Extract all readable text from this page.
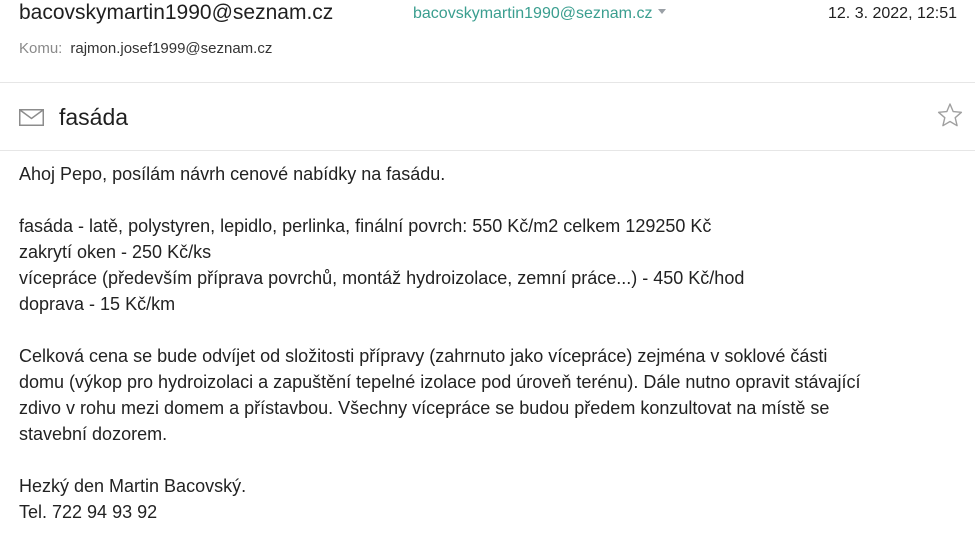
bacovskymartin1990@seznam.cz	bacovskymartin1990@seznam.cz	12. 3. 2022, 12:51
Komu: rajmon.josef1999@seznam.cz
fasáda

Ahoj Pepo, posílám návrh cenové nabídky na fasádu.

fasáda - latě, polystyren, lepidlo, perlinka, finální povrch: 550 Kč/m2 celkem 129250 Kč

zakrytí oken - 250 Kč/ks

vícepráce (především příprava povrchů, montáž hydroizolace, zemní práce...) - 450 Kč/hod

doprava - 15 Kč/km

Celková cena se bude odvíjet od složitosti přípravy (zahrnuto jako vícepráce) zejména v soklové části

domu (výkop pro hydroizolaci a zapuštění tepelné izolace pod úroveň terénu). Dále nutno opravit stávající

zdivo v rohu mezi domem a přístavbou. Všechny vícepráce se budou předem konzultovat na místě se

stavební dozorem.

Hezký den Martin Bacovský.

Tel. 722 94 93 92
